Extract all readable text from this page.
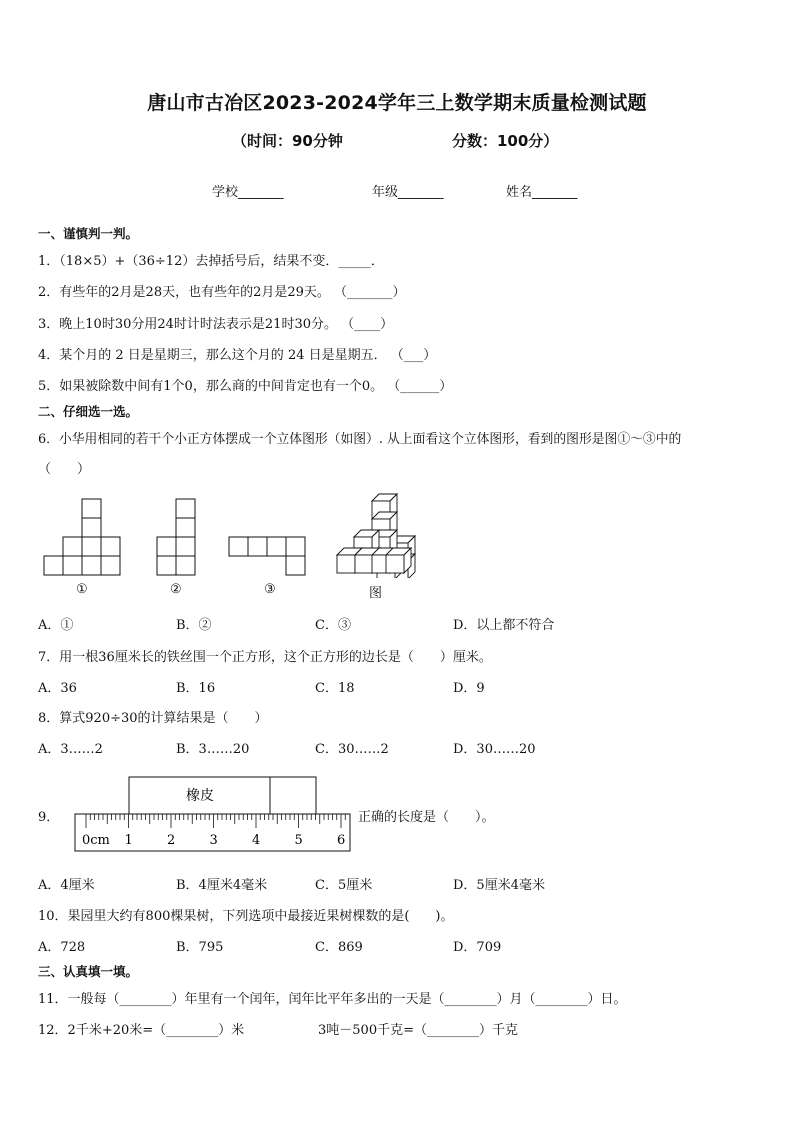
唐山市古冶区2023-2024学年三上数学期末质量检测试题
（时间：90分钟	分数：100分）
学校_______	年级_______	姓名_______
一、谨慎判一判。
1．（18×5）+（36÷12）去掉括号后，结果不变．_____．
2．有些年的2月是28天，也有些年的2月是29天。 （_______）
3．晚上10时30分用24时计时法表示是21时30分。 （____）
4．某个月的 2 日是星期三，那么这个月的 24 日是星期五． （___）
5．如果被除数中间有1个0，那么商的中间肯定也有一个0。 （______）
二、仔细选一选。
6．小华用相同的若干个小正方体摆成一个立体图形（如图）. 从上面看这个立体图形，看到的图形是图①～③中的
（　　）
①	②	③	图
A．①	B．②	C．③	D．以上都不符合
7．用一根36厘米长的铁丝围一个正方形，这个正方形的边长是（　　）厘米。
A．36	B．16	C．18	D．9
8．算式920÷30的计算结果是（　　）
A．3……2	B．3……20	C．30……2	D．30……20
9．
橡皮
0cm 1	2	3	4	5	6
正确的长度是（　　）。
A．4厘米	B．4厘米4毫米	C．5厘米	D．5厘米4毫米
10．果园里大约有800棵果树，下列选项中最接近果树棵数的是(　　)。
A．728	B．795	C．869	D．709
三、认真填一填。
11．一般每（________）年里有一个闰年，闰年比平年多出的一天是（________）月（________）日。
12．2千米+20米=（________）米	3吨－500千克=（________）千克
